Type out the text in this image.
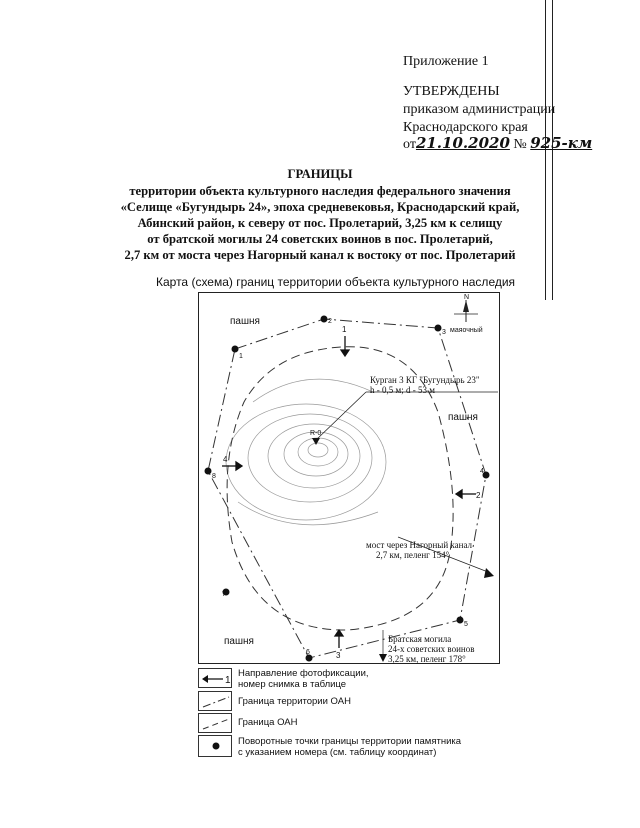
Приложение 1
УТВЕРЖДЕНЫ
приказом администрации
Краснодарского края
от21.10.2020 № 925-км
ГРАНИЦЫ
территории объекта культурного наследия федерального значения
«Селище «Бугундырь 24», эпоха средневековья, Краснодарский край,
Абинский район, к северу от пос. Пролетарий, 3,25 км к селищу
от братской могилы 24 советских воинов в пос. Пролетарий,
2,7 км от моста через Нагорный канал к востоку от пос. Пролетарий
Карта (схема) границ территории объекта культурного наследия
пашня
пашня
пашня
N
маяочный
R-0
Курган 3 КГ "Бугундырь 23"
h - 0,5 м; d - 53 м
мост через Нагорный канал
2,7 км, пеленг 154°
Братская могила
24-х советских воинов
3,25 км, пеленг 178°
1
2
3
4
1
2
3
4
5
6
7
8
1
Направление фотофиксации,
номер снимка в таблице
Граница территории ОАН
Граница ОАН
Поворотные точки границы территории памятника
с указанием номера (см. таблицу координат)
